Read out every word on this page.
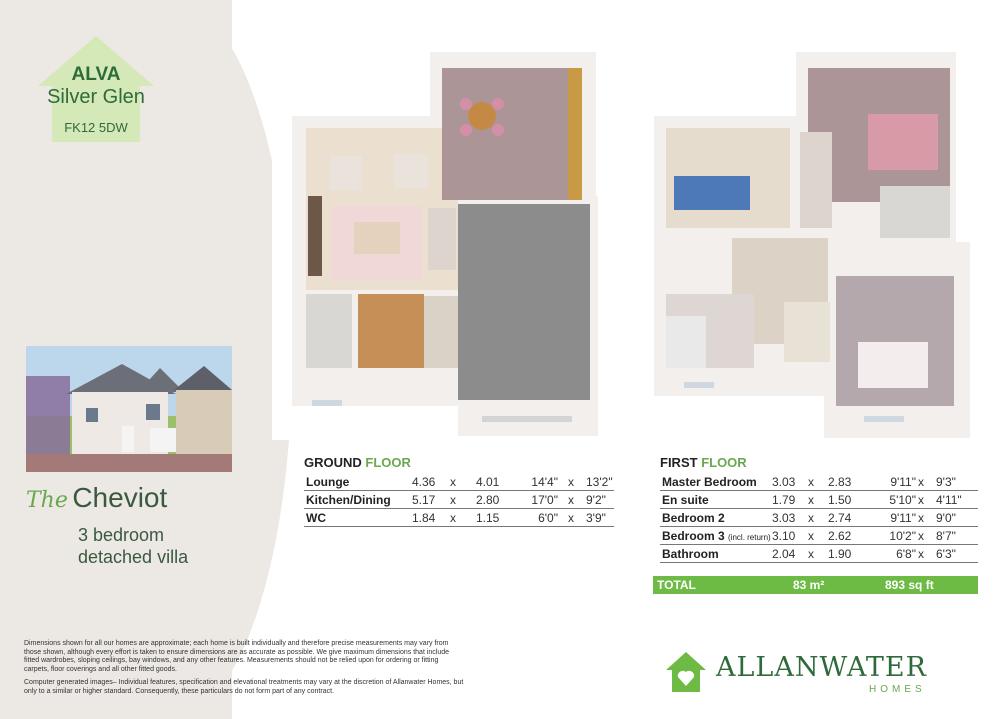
ALVA
Silver Glen
FK12 5DW
The Cheviot
3 bedroom
detached villa

Dimensions shown for all our homes are approximate; each home is built individually and therefore precise measurements may vary from those shown, although every effort is taken to ensure dimensions are as accurate as possible. We give maximum dimensions that include fitted wardrobes, sloping ceilings, bay windows, and any other features. Measurements should not be relied upon for ordering or fitting carpets, floor coverings and all other fitted goods.

Computer generated images– Individual features, specification and elevational treatments may vary at the discretion of Allanwater Homes, but only to a similar or higher standard. Consequently, these particulars do not form part of any contract.

GROUND FLOOR
Lounge	4.36 x 4.01	14'4" x 13'2"
Kitchen/Dining 5.17 x 2.80	17'0" x 9'2"
WC	1.84 x 1.15	6'0" x 3'9"
FIRST FLOOR
Master Bedroom 3.03 x 2.83	9'11" x 9'3"
En suite	1.79 x 1.50	5'10" x 4'11"
Bedroom 2	3.03 x 2.74	9'11" x 9'0"
Bedroom 3 (incl. return) 3.10 x 2.62	10'2" x 8'7"
Bathroom	2.04 x 1.90	6'8" x 6'3"
TOTAL	83 m²	893 sq ft
ALLANWATER
HOMES
